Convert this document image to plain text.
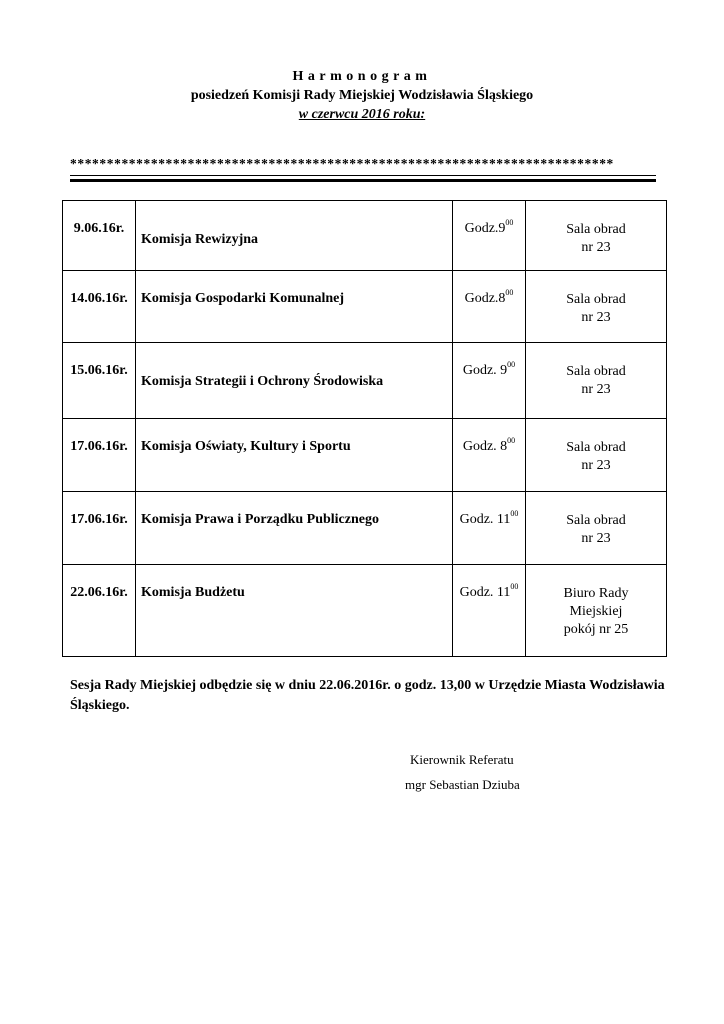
Harmonogram
posiedzeń Komisji Rady Miejskiej Wodzisławia Śląskiego
w czerwcu 2016 roku:
**************************************************************************
9.06.16r.	Komisja Rewizyjna	$Godz.9^{00}$	Sala obrad
nr 23

14.06.16r.	Komisja Gospodarki Komunalnej	$Godz.8^{00}$	Sala obrad
nr 23

15.06.16r.	Komisja Strategii i Ochrony Środowiska	Godz. $9^{00}$	Sala obrad
nr 23

17.06.16r.	Komisja Oświaty, Kultury i Sportu	Godz. $8^{00}$	Sala obrad
nr 23

17.06.16r.	Komisja Prawa i Porządku Publicznego	Godz. $11^{00}$	Sala obrad
nr 23

22.06.16r.	Komisja Budżetu	Godz. $11^{00}$	Biuro Rady
Miejskiej
pokój nr 25
Sesja Rady Miejskiej odbędzie się w dniu 22.06.2016r. o godz. 13,00 w Urzędzie Miasta Wodzisławia Śląskiego.
Kierownik Referatu
mgr Sebastian Dziuba
